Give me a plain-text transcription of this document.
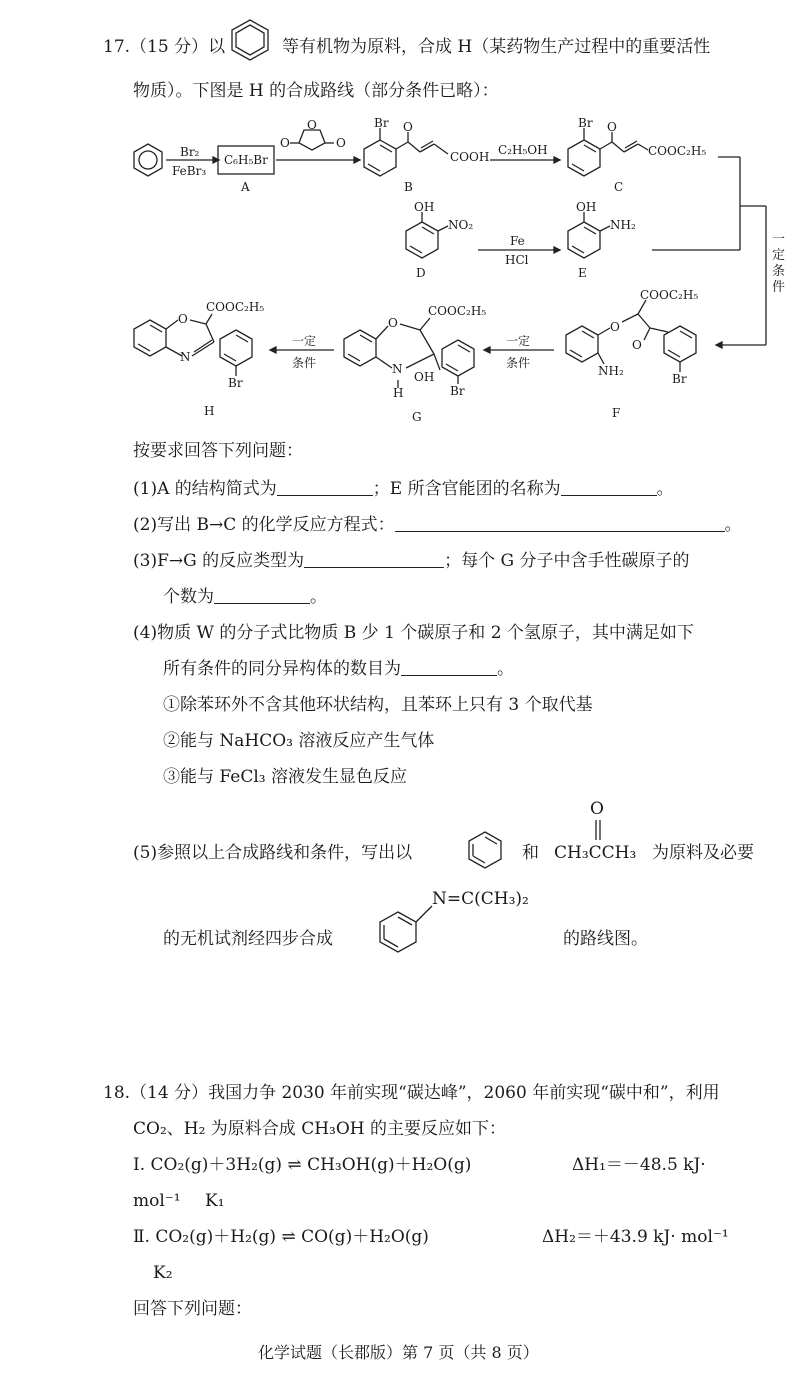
17.（15 分）以	等有机物为原料，合成 H（某药物生产过程中的重要活性
物质）。下图是 H 的合成路线（部分条件已略）：
Br₂
FeBr₃
C₆H₅Br
A
O
O	O
Br O
COOH
B
C₂H₅OH
Br O
COOC₂H₅
C
OH
NO₂
D
Fe
HCl
OH
NH₂
E
一
定
条
件
O
COOC₂H₅
O
NH₂
Br
F
一定
条件
O
COOC₂H₅
N
H
OH
Br
G
一定
条件
O
COOC₂H₅
N
Br
H
按要求回答下列问题：
(1)A 的结构简式为	；E 所含官能团的名称为	。
(2)写出 B→C 的化学反应方程式：	。
(3)F→G 的反应类型为	；每个 G 分子中含手性碳原子的
个数为	。
(4)物质 W 的分子式比物质 B 少 1 个碳原子和 2 个氢原子，其中满足如下
所有条件的同分异构体的数目为	。
①除苯环外不含其他环状结构，且苯环上只有 3 个取代基
②能与 NaHCO₃ 溶液反应产生气体
③能与 FeCl₃ 溶液发生显色反应
(5)参照以上合成路线和条件，写出以	和
O
CH₃CCH₃ 为原料及必要
的无机试剂经四步合成
N=C(CH₃)₂
的路线图。
18.（14 分）我国力争 2030 年前实现“碳达峰”，2060 年前实现“碳中和”，利用
CO₂、H₂ 为原料合成 CH₃OH 的主要反应如下：
Ⅰ. CO₂(g)＋3H₂(g) ⇌ CH₃OH(g)＋H₂O(g)	ΔH₁＝－48.5 kJ·
mol⁻¹ K₁
Ⅱ. CO₂(g)＋H₂(g) ⇌ CO(g)＋H₂O(g)	ΔH₂＝＋43.9 kJ· mol⁻¹
K₂
回答下列问题：
化学试题（长郡版）第 7 页（共 8 页）
